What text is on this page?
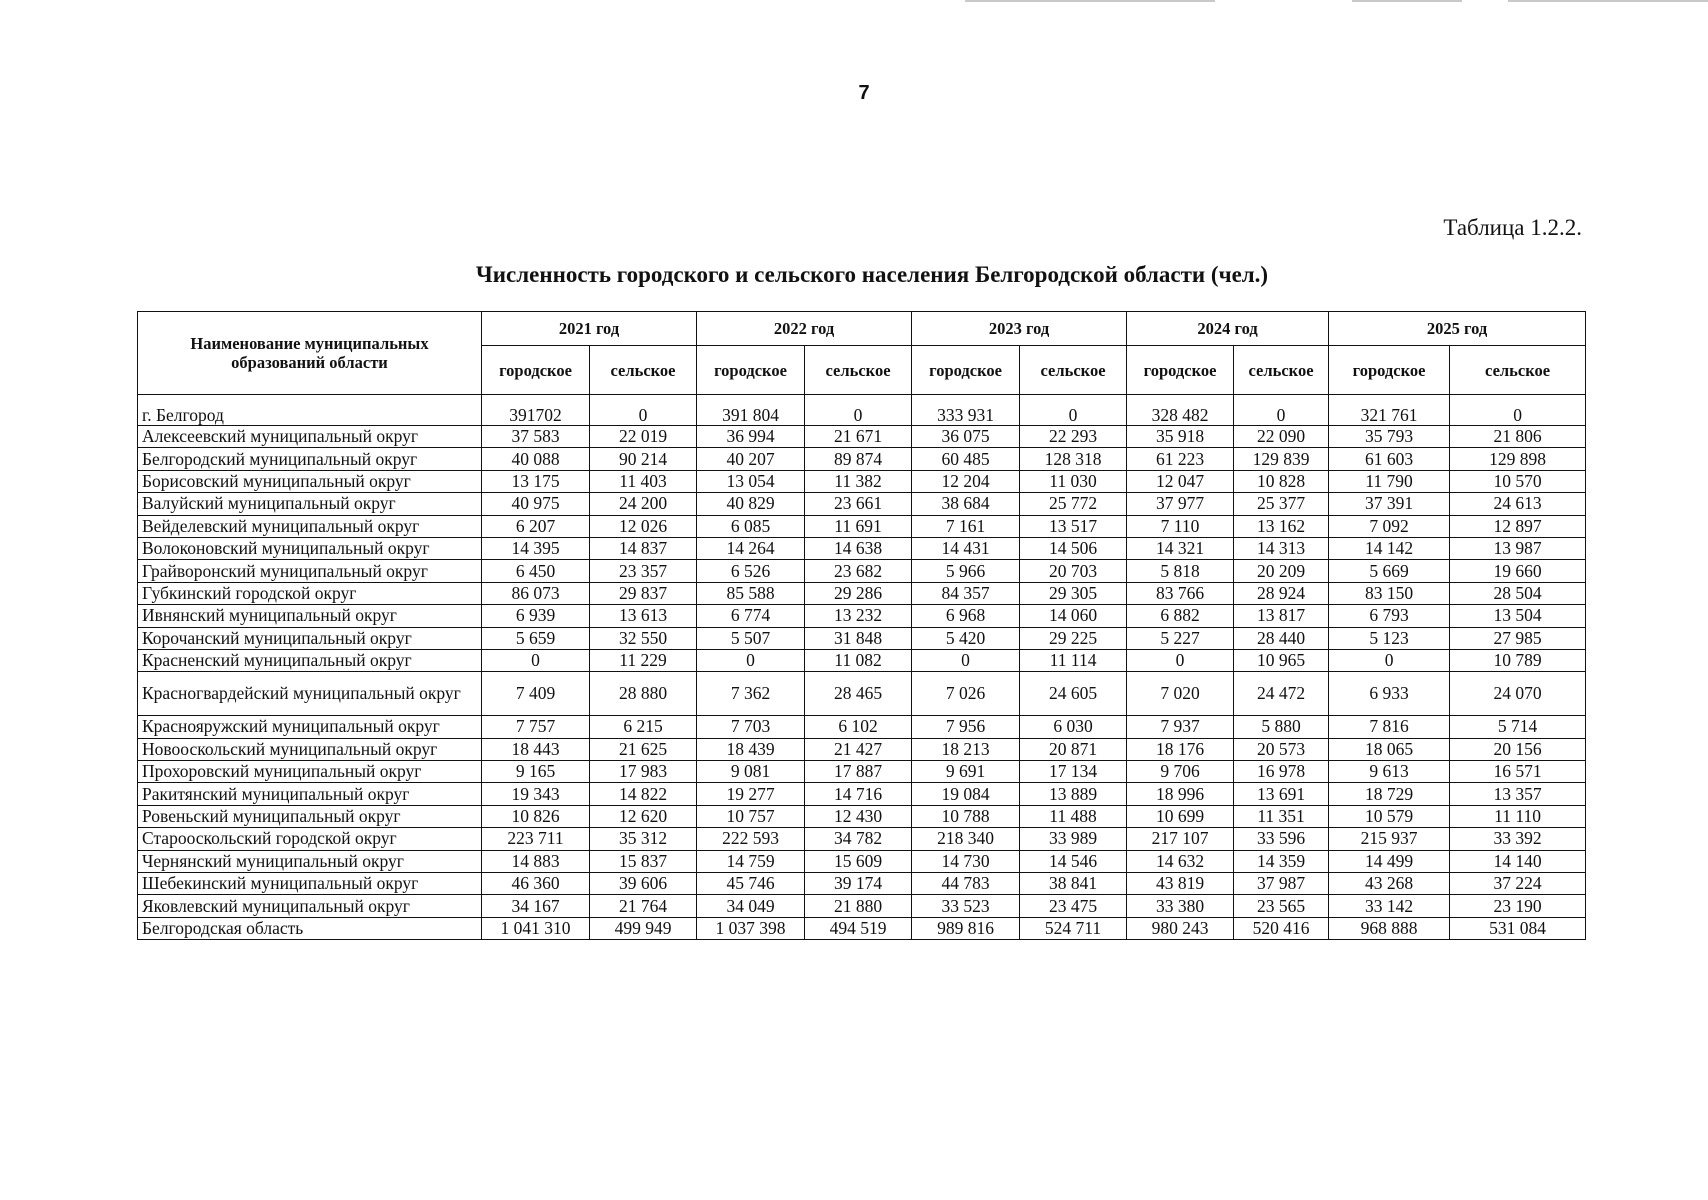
7
Таблица 1.2.2.
Численность городского и сельского населения Белгородской области (чел.)
Наименование муниципальных образований области	2021 год		2022 год		2023 год		2024 год		2025 год	
	городское	сельское	городское	сельское	городское	сельское	городское	сельское	городское	сельское
г. Белгород	391702	0	391 804	0	333 931	0	328 482	0	321 761	0
Алексеевский муниципальный округ	37 583	22 019	36 994	21 671	36 075	22 293	35 918	22 090	35 793	21 806
Белгородский муниципальный округ	40 088	90 214	40 207	89 874	60 485	128 318	61 223	129 839	61 603	129 898
Борисовский муниципальный округ	13 175	11 403	13 054	11 382	12 204	11 030	12 047	10 828	11 790	10 570
Валуйский муниципальный округ	40 975	24 200	40 829	23 661	38 684	25 772	37 977	25 377	37 391	24 613
Вейделевский муниципальный округ	6 207	12 026	6 085	11 691	7 161	13 517	7 110	13 162	7 092	12 897
Волоконовский муниципальный округ	14 395	14 837	14 264	14 638	14 431	14 506	14 321	14 313	14 142	13 987
Грайворонский муниципальный округ	6 450	23 357	6 526	23 682	5 966	20 703	5 818	20 209	5 669	19 660
Губкинский городской округ	86 073	29 837	85 588	29 286	84 357	29 305	83 766	28 924	83 150	28 504
Ивнянский муниципальный округ	6 939	13 613	6 774	13 232	6 968	14 060	6 882	13 817	6 793	13 504
Корочанский муниципальный округ	5 659	32 550	5 507	31 848	5 420	29 225	5 227	28 440	5 123	27 985
Красненский муниципальный округ	0	11 229	0	11 082	0	11 114	0	10 965	0	10 789
Красногвардейский муниципальный округ	7 409	28 880	7 362	28 465	7 026	24 605	7 020	24 472	6 933	24 070
Краснояружский муниципальный округ	7 757	6 215	7 703	6 102	7 956	6 030	7 937	5 880	7 816	5 714
Новооскольский муниципальный округ	18 443	21 625	18 439	21 427	18 213	20 871	18 176	20 573	18 065	20 156
Прохоровский муниципальный округ	9 165	17 983	9 081	17 887	9 691	17 134	9 706	16 978	9 613	16 571
Ракитянский муниципальный округ	19 343	14 822	19 277	14 716	19 084	13 889	18 996	13 691	18 729	13 357
Ровеньский муниципальный округ	10 826	12 620	10 757	12 430	10 788	11 488	10 699	11 351	10 579	11 110
Старооскольский городской округ	223 711	35 312	222 593	34 782	218 340	33 989	217 107	33 596	215 937	33 392
Чернянский муниципальный округ	14 883	15 837	14 759	15 609	14 730	14 546	14 632	14 359	14 499	14 140
Шебекинский муниципальный округ	46 360	39 606	45 746	39 174	44 783	38 841	43 819	37 987	43 268	37 224
Яковлевский муниципальный округ	34 167	21 764	34 049	21 880	33 523	23 475	33 380	23 565	33 142	23 190
Белгородская область	1 041 310	499 949	1 037 398	494 519	989 816	524 711	980 243	520 416	968 888	531 084
